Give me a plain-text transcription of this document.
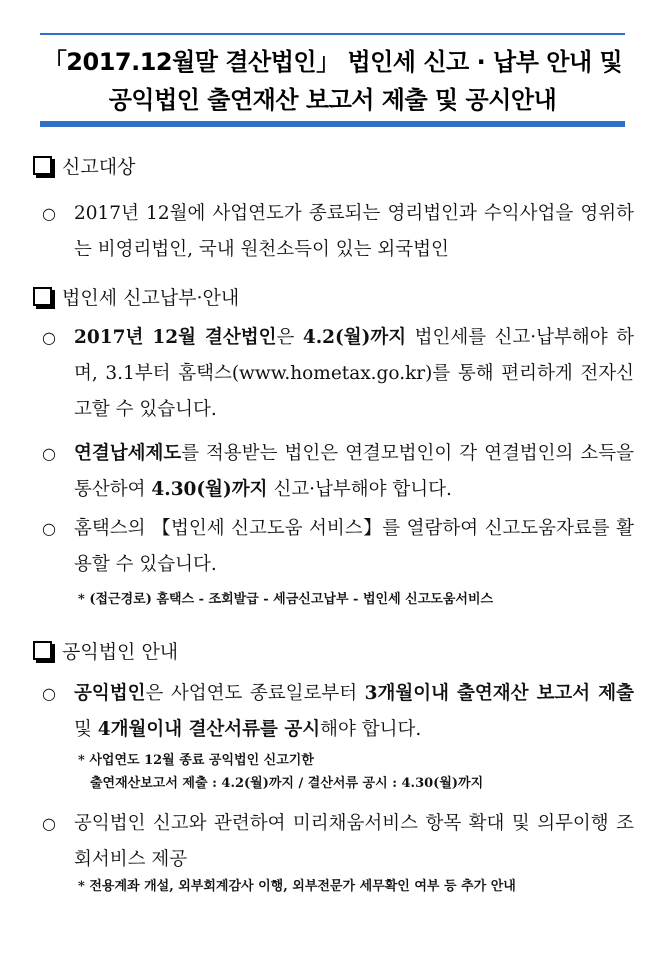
「2017.12월말 결산법인」 법인세 신고 · 납부 안내 및
공익법인 출연재산 보고서 제출 및 공시안내
신고대상
○ 2017년 12월에 사업연도가 종료되는 영리법인과 수익사업을 영위하는 비영리법인, 국내 원천소득이 있는 외국법인
법인세 신고납부·안내
○ 2017년 12월 결산법인은 4.2(월)까지 법인세를 신고·납부해야 하며, 3.1부터 홈택스(www.hometax.go.kr)를 통해 편리하게 전자신고할 수 있습니다.
○ 연결납세제도를 적용받는 법인은 연결모법인이 각 연결법인의 소득을 통산하여 4.30(월)까지 신고·납부해야 합니다.
○ 홈택스의 【법인세 신고도움 서비스】를 열람하여 신고도움자료를 활용할 수 있습니다.
* (접근경로) 홈택스 - 조회발급 - 세금신고납부 - 법인세 신고도움서비스
공익법인 안내
○ 공익법인은 사업연도 종료일로부터 3개월이내 출연재산 보고서 제출 및 4개월이내 결산서류를 공시해야 합니다.
* 사업연도 12월 종료 공익법인 신고기한
출연재산보고서 제출 : 4.2(월)까지 / 결산서류 공시 : 4.30(월)까지
○ 공익법인 신고와 관련하여 미리채움서비스 항목 확대 및 의무이행 조회서비스 제공
* 전용계좌 개설, 외부회계감사 이행, 외부전문가 세무확인 여부 등 추가 안내
